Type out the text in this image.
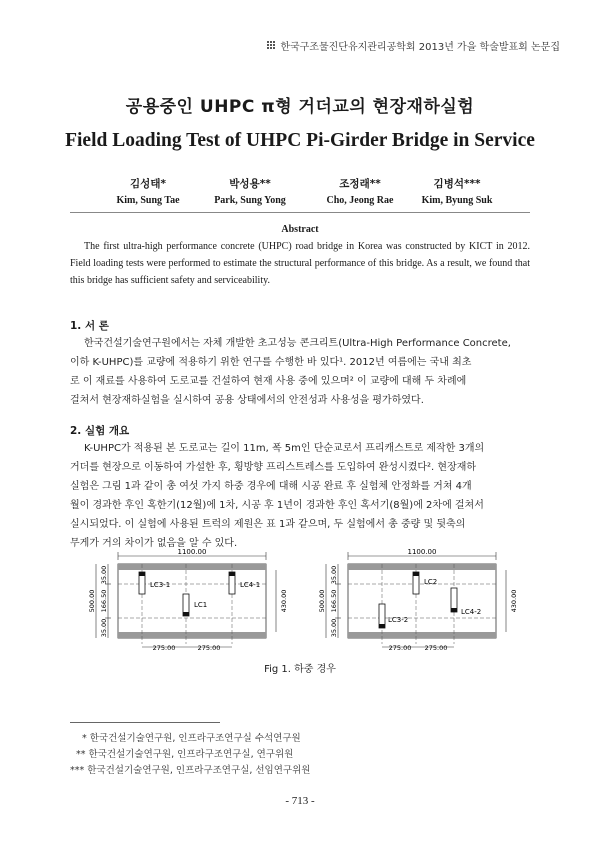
한국구조물진단유지관리공학회 2013년 가을 학술발표회 논문집
공용중인 UHPC π형 거더교의 현장재하실험
Field Loading Test of UHPC Pi-Girder Bridge in Service
김성태*
Kim, Sung Tae
박성용**
Park, Sung Yong
조정래**
Cho, Jeong Rae
김병석***
Kim, Byung Suk
Abstract
The first ultra-high performance concrete (UHPC) road bridge in Korea was constructed by KICT in 2012. Field loading tests were performed to estimate the structural performance of this bridge. As a result, we found that this bridge has sufficient safety and serviceability.
1. 서 론
한국건설기술연구원에서는 자체 개발한 초고성능 콘크리트(Ultra-High Performance Concrete,
이하 K-UHPC)를 교량에 적용하기 위한 연구를 수행한 바 있다¹. 2012년 여름에는 국내 최초
로 이 재료를 사용하여 도로교를 건설하여 현재 사용 중에 있으며² 이 교량에 대해 두 차례에
걸쳐서 현장재하실험을 실시하여 공용 상태에서의 안전성과 사용성을 평가하였다.
2. 실험 개요
K-UHPC가 적용된 본 도로교는 길이 11m, 폭 5m인 단순교로서 프리캐스트로 제작한 3개의
거더를 현장으로 이동하여 가설한 후, 횡방향 프리스트레스를 도입하여 완성시켰다². 현장재하
실험은 그림 1과 같이 총 여섯 가지 하중 경우에 대해 시공 완료 후 실험체 안정화를 거쳐 4개
월이 경과한 후인 혹한기(12월)에 1차, 시공 후 1년이 경과한 후인 혹서기(8월)에 2차에 걸쳐서
실시되었다. 이 실험에 사용된 트럭의 제원은 표 1과 같으며, 두 실험에서 총 중량 및 뒷축의
무게가 거의 차이가 없음을 알 수 있다.
1100.00
LC3-1
LC1
LC4-1
35.00
166.50
35.00
500.00	430.00
275.00	275.00
1100.00
LC2
LC3-2
LC4-2
35.00
166.50
35.00
500.00	430.00
275.00 275.00
Fig 1. 하중 경우
* 한국건설기술연구원, 인프라구조연구실 수석연구원
** 한국건설기술연구원, 인프라구조연구실, 연구위원
*** 한국건설기술연구원, 인프라구조연구실, 선임연구위원
- 713 -
